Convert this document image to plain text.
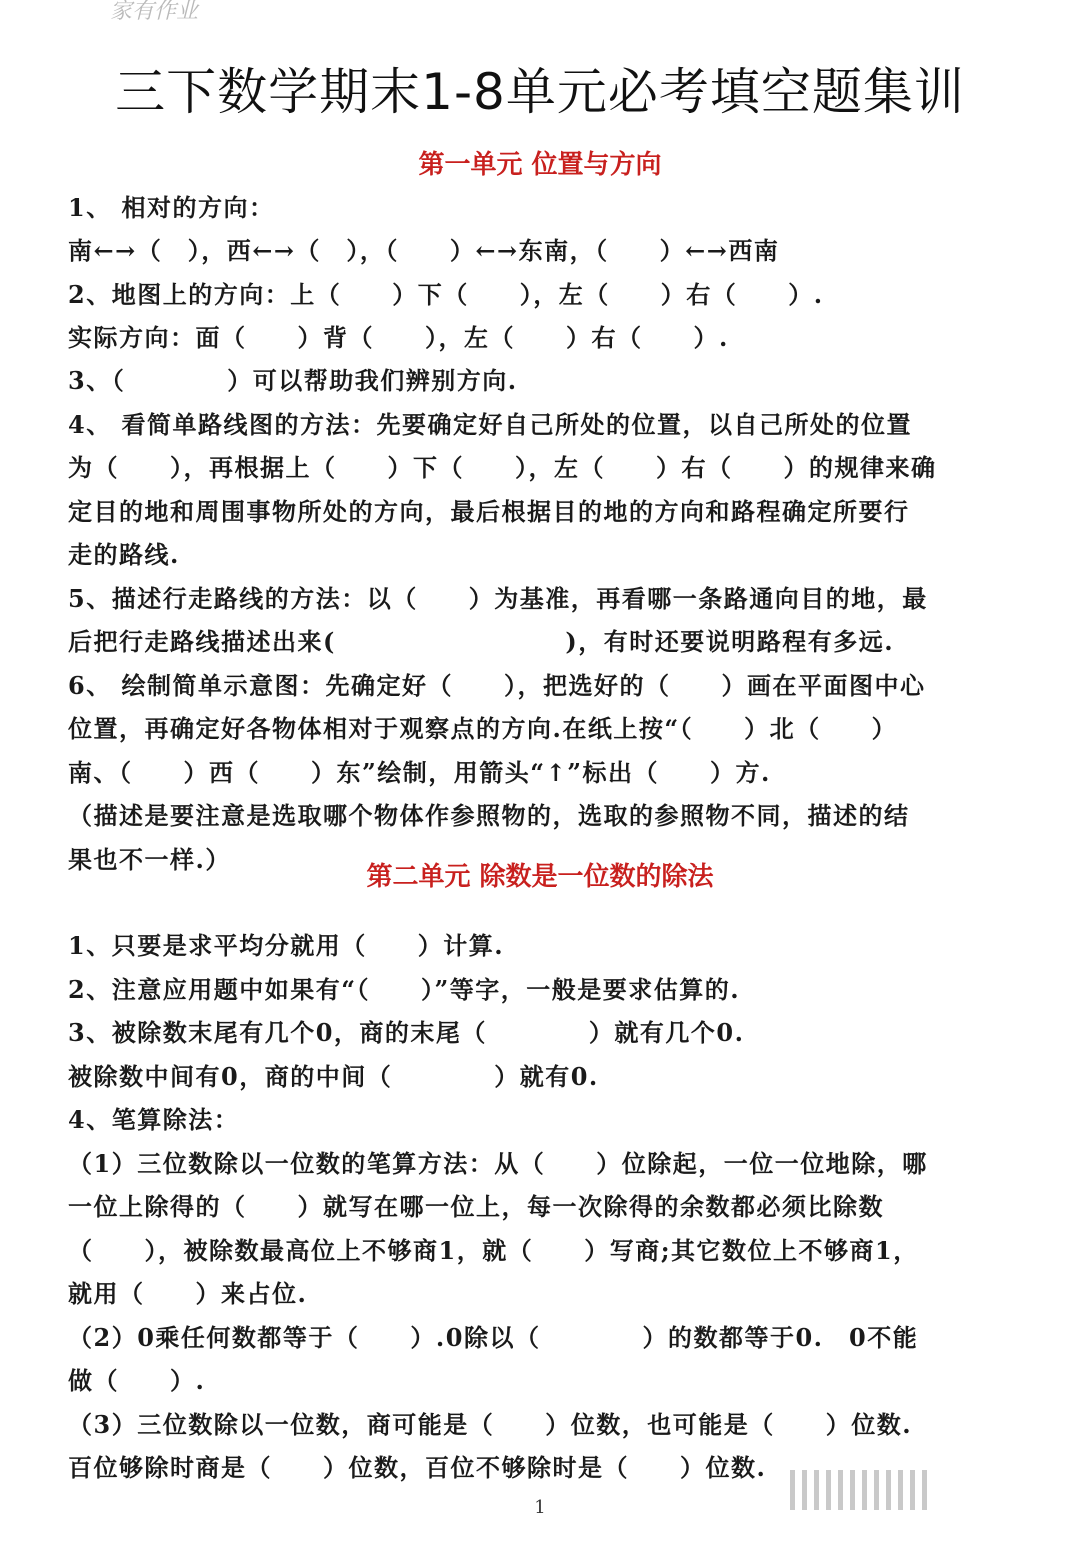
家有作业
三下数学期末1-8单元必考填空题集训
第一单元 位置与方向

1、 相对的方向：

南←→（　），西←→（　），（　　）←→东南，（　　）←→西南

2、地图上的方向：上（　　）下（　　），左（　　）右（　　）.

实际方向：面（　　）背（　　），左（　　）右（　　）.

3、（　　　　）可以帮助我们辨别方向.

4、 看简单路线图的方法：先要确定好自己所处的位置，以自己所处的位置

为（　　），再根据上（　　）下（　　），左（　　）右（　　）的规律来确

定目的地和周围事物所处的方向，最后根据目的地的方向和路程确定所要行

走的路线.

5、描述行走路线的方法：以（　　）为基准，再看哪一条路通向目的地，最

后把行走路线描述出来(　　　　　　　　　)，有时还要说明路程有多远.

6、 绘制简单示意图：先确定好（　　），把选好的（　　）画在平面图中心

位置，再确定好各物体相对于观察点的方向.在纸上按“（　　）北（　　）

南、（　　）西（　　）东”绘制，用箭头“↑”标出（　　）方.

（描述是要注意是选取哪个物体作参照物的，选取的参照物不同，描述的结

果也不一样.）

第二单元 除数是一位数的除法

1、只要是求平均分就用（　　）计算.

2、注意应用题中如果有“（　　）”等字，一般是要求估算的.

3、被除数末尾有几个0，商的末尾（　　　　）就有几个0.

被除数中间有0，商的中间（　　　　）就有0.

4、笔算除法：

（1）三位数除以一位数的笔算方法：从（　　）位除起，一位一位地除，哪

一位上除得的（　　）就写在哪一位上，每一次除得的余数都必须比除数

（　　），被除数最高位上不够商1，就（　　）写商;其它数位上不够商1，

就用（　　）来占位.

（2）0乘任何数都等于（　　）.0除以（　　　　）的数都等于0.　0不能

做（　　）.

（3）三位数除以一位数，商可能是（　　）位数，也可能是（　　）位数.

百位够除时商是（　　）位数，百位不够除时是（　　）位数.

1
